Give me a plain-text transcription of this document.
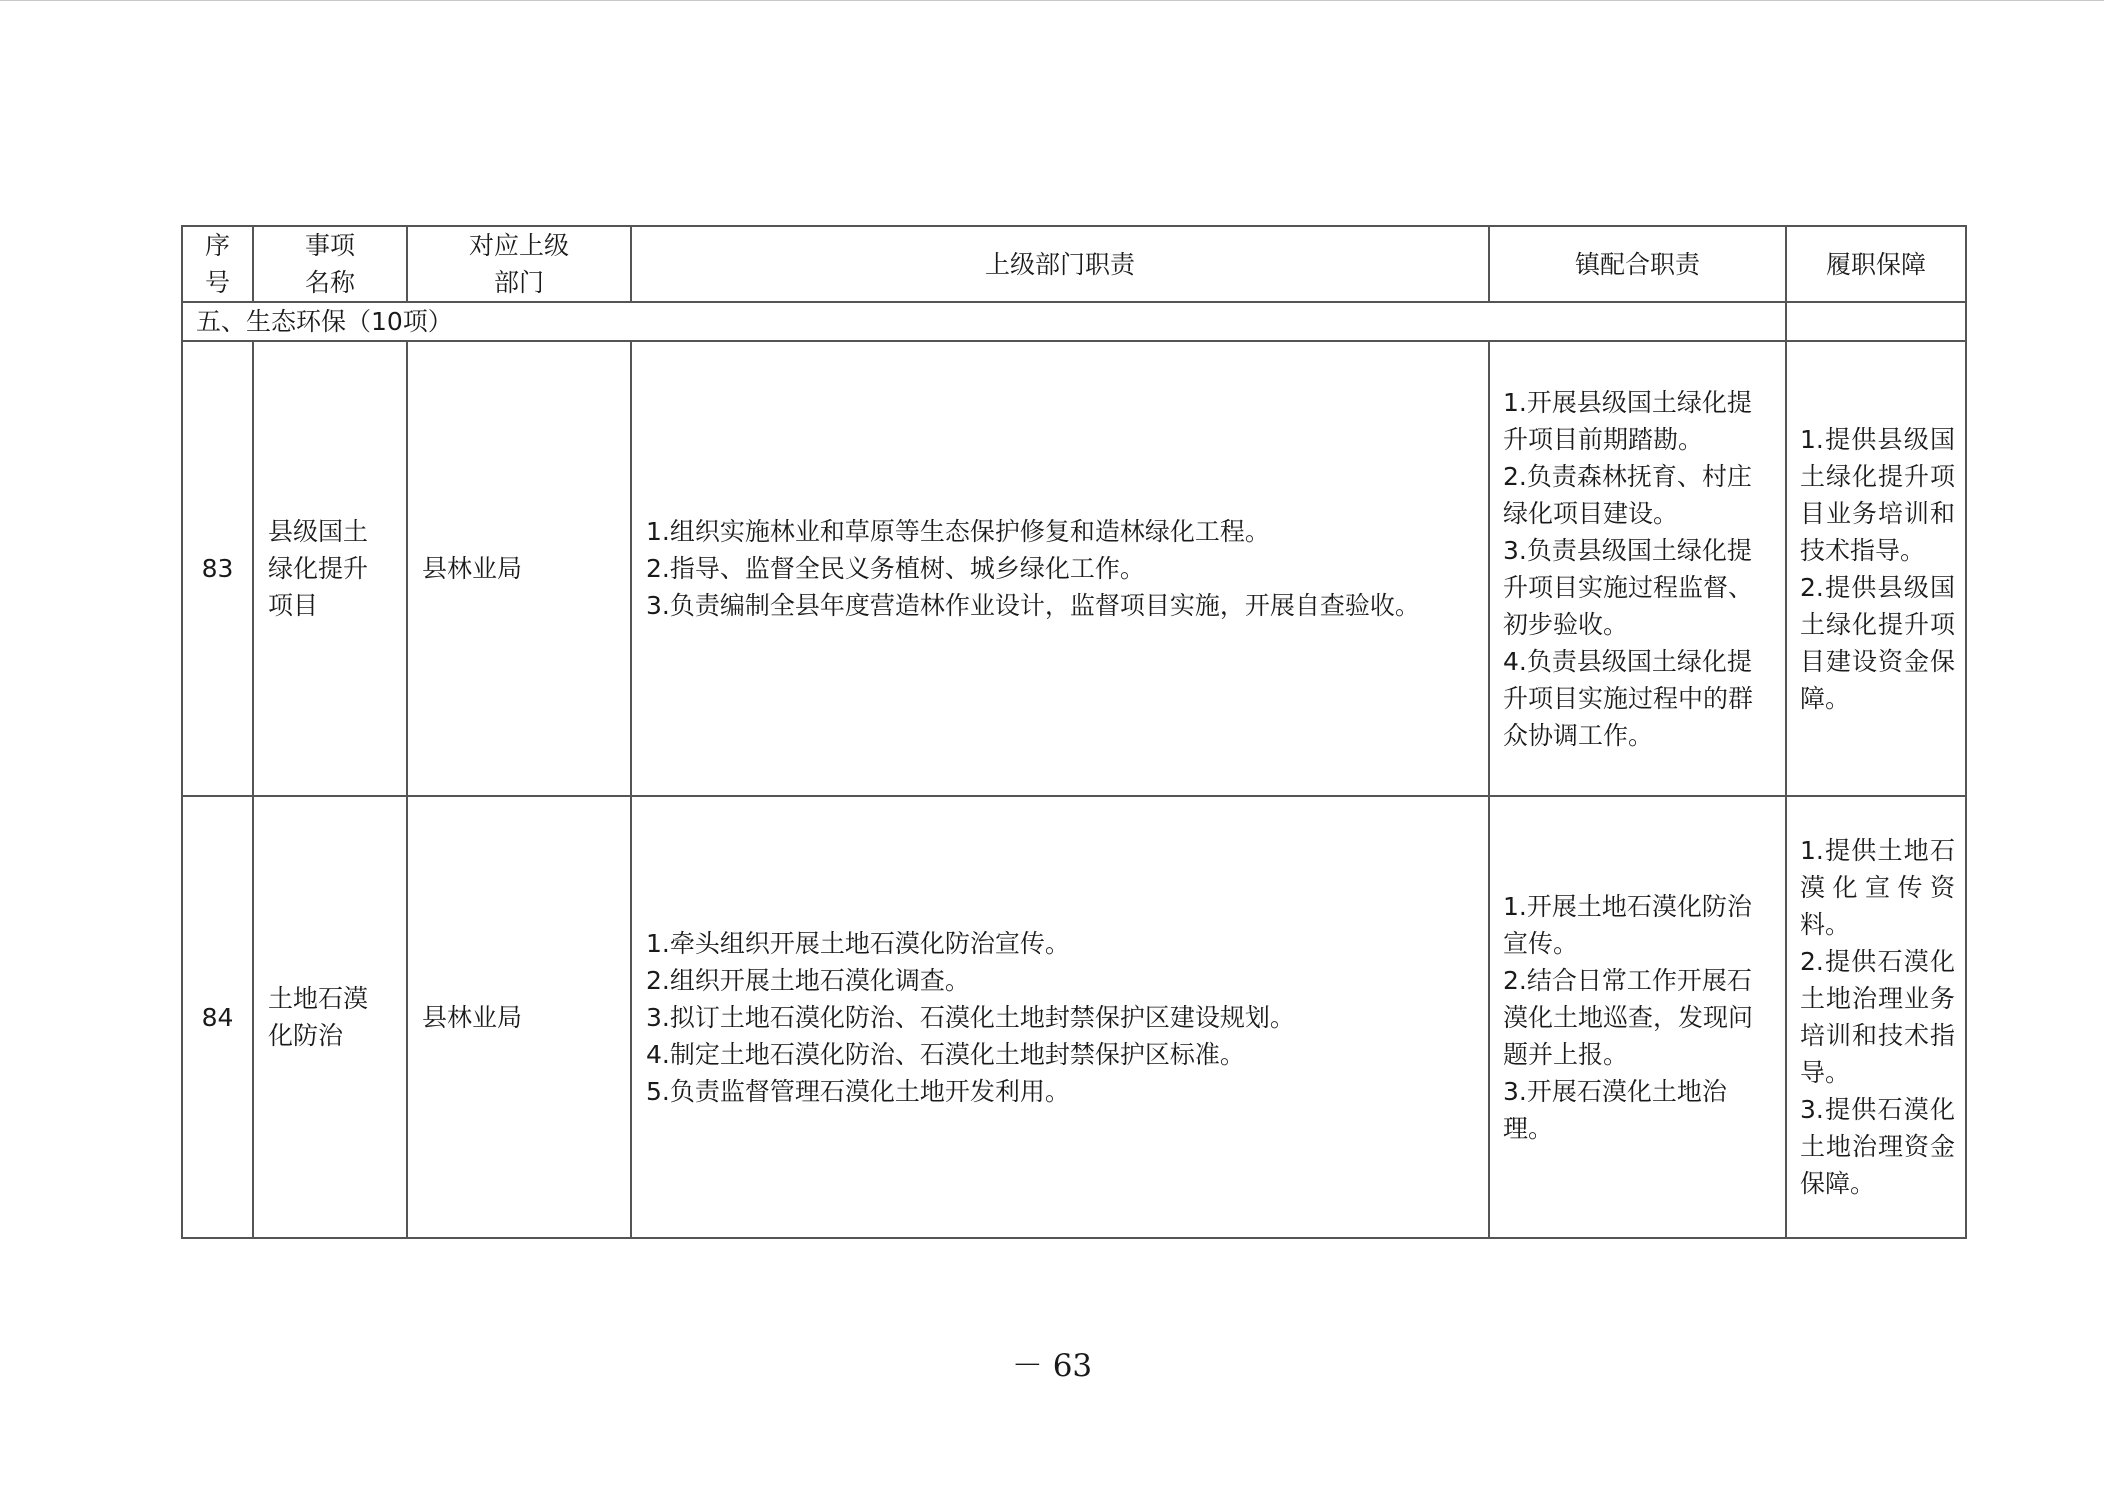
序
号	事项
名称	对应上级
部门	上级部门职责	镇配合职责	履职保障
五、生态环保（10项）					
83	县级国土绿化提升项目	县林业局	1.组织实施林业和草原等生态保护修复和造林绿化工程。
2.指导、监督全民义务植树、城乡绿化工作。
3.负责编制全县年度营造林作业设计，监督项目实施，开展自查验收。	1.开展县级国土绿化提升项目前期踏勘。
2.负责森林抚育、村庄绿化项目建设。
3.负责县级国土绿化提升项目实施过程监督、初步验收。
4.负责县级国土绿化提升项目实施过程中的群众协调工作。	1.提供县级国土绿化提升项目业务培训和技术指导。
2.提供县级国土绿化提升项目建设资金保障。

84	土地石漠化防治	县林业局	1.牵头组织开展土地石漠化防治宣传。
2.组织开展土地石漠化调查。
3.拟订土地石漠化防治、石漠化土地封禁保护区建设规划。
4.制定土地石漠化防治、石漠化土地封禁保护区标准。
5.负责监督管理石漠化土地开发利用。	1.开展土地石漠化防治宣传。
2.结合日常工作开展石漠化土地巡查，发现问题并上报。
3.开展石漠化土地治理。	1.提供土地石漠化宣传资料。
2.提供石漠化土地治理业务培训和技术指导。
3.提供石漠化土地治理资金保障。
－ 63
